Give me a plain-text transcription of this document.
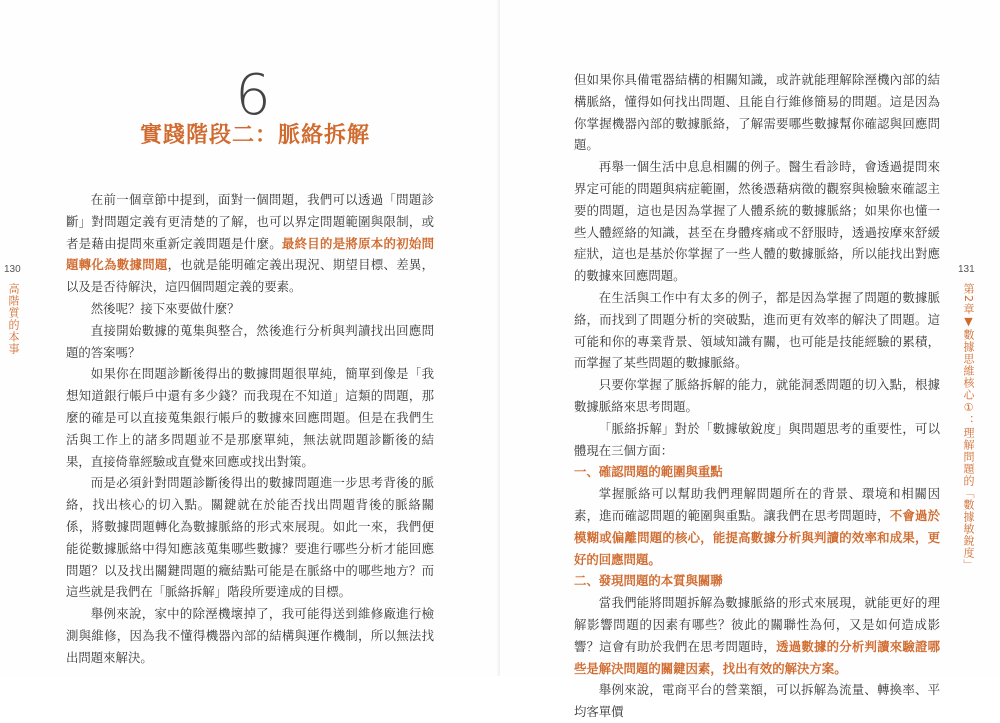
130
高階質的本事
6
實踐階段二：脈絡拆解

在前一個章節中提到，面對一個問題，我們可以透過「問題診斷」對問題定義有更清楚的了解，也可以界定問題範圍與限制，或者是藉由提問來重新定義問題是什麼。最終目的是將原本的初始問題轉化為數據問題，也就是能明確定義出現況、期望目標、差異，以及是否待解決，這四個問題定義的要素。

然後呢？接下來要做什麼？

直接開始數據的蒐集與整合，然後進行分析與判讀找出回應問題的答案嗎？

如果你在問題診斷後得出的數據問題很單純，簡單到像是「我想知道銀行帳戶中還有多少錢？而我現在不知道」這類的問題，那麼的確是可以直接蒐集銀行帳戶的數據來回應問題。但是在我們生活與工作上的諸多問題並不是那麼單純，無法就問題診斷後的結果，直接倚靠經驗或直覺來回應或找出對策。

而是必須針對問題診斷後得出的數據問題進一步思考背後的脈絡，找出核心的切入點。關鍵就在於能否找出問題背後的脈絡關係，將數據問題轉化為數據脈絡的形式來展現。如此一來，我們便能從數據脈絡中得知應該蒐集哪些數據？要進行哪些分析才能回應問題？以及找出關鍵問題的癥結點可能是在脈絡中的哪些地方？而這些就是我們在「脈絡拆解」階段所要達成的目標。

舉例來說，家中的除溼機壞掉了，我可能得送到維修廠進行檢測與維修，因為我不懂得機器內部的結構與運作機制，所以無法找出問題來解決。

131
第2章▼數據思維核心①：理解問題的「數據敏銳度」

但如果你具備電器結構的相關知識，或許就能理解除溼機內部的結構脈絡，懂得如何找出問題、且能自行維修簡易的問題。這是因為你掌握機器內部的數據脈絡，了解需要哪些數據幫你確認與回應問題。

再舉一個生活中息息相關的例子。醫生看診時，會透過提問來界定可能的問題與病症範圍，然後憑藉病徵的觀察與檢驗來確認主要的問題，這也是因為掌握了人體系統的數據脈絡；如果你也懂一些人體經絡的知識，甚至在身體疼痛或不舒服時，透過按摩來舒緩症狀，這也是基於你掌握了一些人體的數據脈絡，所以能找出對應的數據來回應問題。

在生活與工作中有太多的例子，都是因為掌握了問題的數據脈絡，而找到了問題分析的突破點，進而更有效率的解決了問題。這可能和你的專業背景、領域知識有關，也可能是技能經驗的累積，而掌握了某些問題的數據脈絡。

只要你掌握了脈絡拆解的能力，就能洞悉問題的切入點，根據數據脈絡來思考問題。

「脈絡拆解」對於「數據敏銳度」與問題思考的重要性，可以體現在三個方面：

一、確認問題的範圍與重點

掌握脈絡可以幫助我們理解問題所在的背景、環境和相關因素，進而確認問題的範圍與重點。讓我們在思考問題時，不會過於模糊或偏離問題的核心，能提高數據分析與判讀的效率和成果，更好的回應問題。

二、發現問題的本質與關聯

當我們能將問題拆解為數據脈絡的形式來展現，就能更好的理解影響問題的因素有哪些？彼此的關聯性為何，又是如何造成影響？這會有助於我們在思考問題時，透過數據的分析判讀來驗證哪些是解決問題的關鍵因素，找出有效的解決方案。

舉例來說，電商平台的營業額，可以拆解為流量、轉換率、平均客單價
